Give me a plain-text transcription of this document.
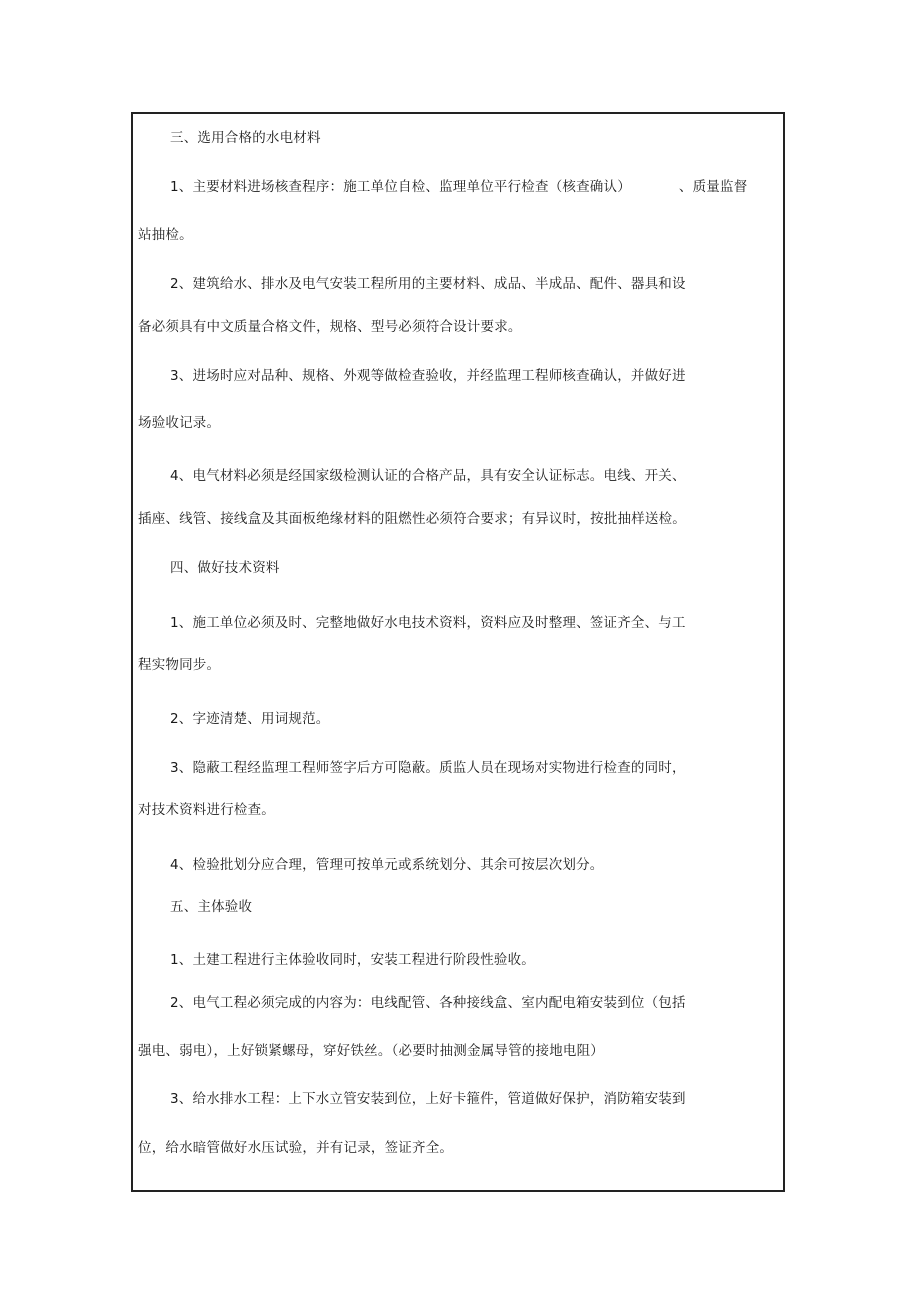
三、选用合格的水电材料
1、主要材料进场核查程序：施工单位自检、监理单位平行检查（核查确认）	、质量监督
站抽检。
2、建筑给水、排水及电气安装工程所用的主要材料、成品、半成品、配件、器具和设
备必须具有中文质量合格文件，规格、型号必须符合设计要求。
3、进场时应对品种、规格、外观等做检查验收，并经监理工程师核查确认，并做好进
场验收记录。
4、电气材料必须是经国家级检测认证的合格产品，具有安全认证标志。电线、开关、
插座、线管、接线盒及其面板绝缘材料的阻燃性必须符合要求；有异议时，按批抽样送检。
四、做好技术资料
1、施工单位必须及时、完整地做好水电技术资料，资料应及时整理、签证齐全、与工
程实物同步。
2、字迹清楚、用词规范。
3、隐蔽工程经监理工程师签字后方可隐蔽。质监人员在现场对实物进行检查的同时，
对技术资料进行检查。
4、检验批划分应合理，管理可按单元或系统划分、其余可按层次划分。
五、主体验收
1、土建工程进行主体验收同时，安装工程进行阶段性验收。
2、电气工程必须完成的内容为：电线配管、各种接线盒、室内配电箱安装到位（包括
强电、弱电），上好锁紧螺母，穿好铁丝。（必要时抽测金属导管的接地电阻）
3、给水排水工程：上下水立管安装到位，上好卡箍件，管道做好保护，消防箱安装到
位，给水暗管做好水压试验，并有记录，签证齐全。
